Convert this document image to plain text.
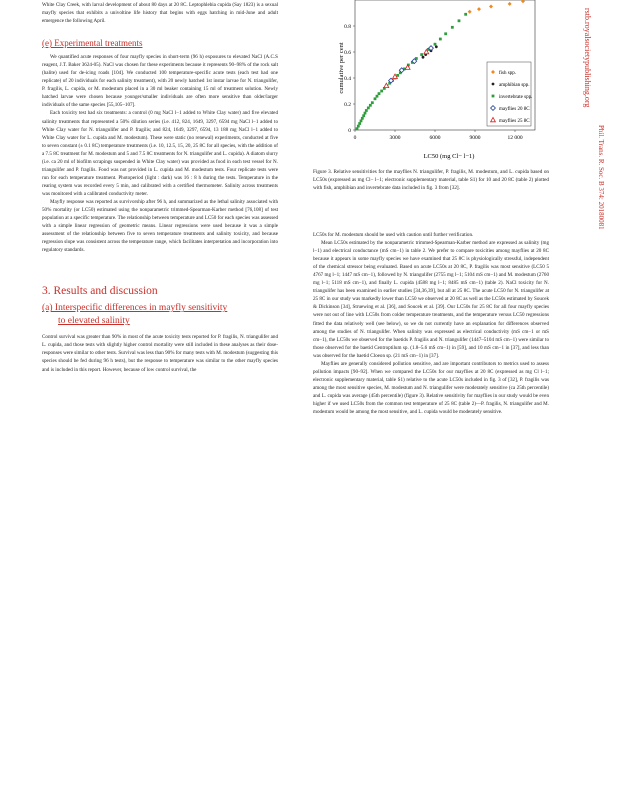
rstb.royalsocietypublishing.org
Phil. Trans. R. Soc. B 374: 20180081

White Clay Creek, with larval development of about 80 days at 20 8C. Leptophlebia cupida (Say 1823) is a sexual mayfly species that exhibits a univoltine life history that begins with eggs hatching in mid-June and adult emergence the following April.

(e) Experimental treatments

We quantified acute responses of four mayfly species in short-term (96 h) exposures to elevated NaCl (A.C.S reagent, J.T. Baker 3624-05). NaCl was chosen for these experiments because it represents 90–98% of the rock salt (halite) used for de-icing roads [104]. We conducted 100 temperature-specific acute tests (each test had one replicate) of 20 individuals for each salinity treatment), with 20 newly hatched 1st instar larvae for N. triangulifer, P. fragilis, L. cupida, or M. modestum placed in a 30 ml beaker containing 15 ml of treatment solution. Newly hatched larvae were chosen because younger/smaller individuals are often more sensitive than older/larger individuals of the same species [55,105–107].

Each toxicity test had six treatments: a control (0 mg NaCl l−1 added to White Clay water) and five elevated salinity treatments that represented a 50% dilution series (i.e. 412, 824, 1649, 3297, 6594 mg NaCl l−1 added to White Clay water for N. triangulifer and P. fragilis; and 824, 1649, 3297, 6594, 13 188 mg NaCl l−1 added to White Clay water for L. cupida and M. modestum). These were static (no renewal) experiments, conducted at five to seven constant (± 0.1 8C) temperature treatments (i.e. 10, 12.5, 15, 20, 25 8C for all species, with the addition of a 7.5 8C treatment for M. modestum and 5 and 7.5 8C treatments for N. triangulifer and L. cupida). A diatom slurry (i.e. ca 20 ml of biofilm scrapings suspended in White Clay water) was provided as food in each test vessel for N. triangulifer and P. fragilis. Food was not provided in L. cupida and M. modestum tests. Four replicate tests were run for each temperature treatment. Photoperiod (light : dark) was 16 : 8 h during the tests. Temperature in the rearing system was recorded every 5 min, and calibrated with a certified thermometer. Salinity across treatments was monitored with a calibrated conductivity meter.

Mayfly response was reported as survivorship after 96 h, and summarized as the lethal salinity associated with 50% mortality (or LC50) estimated using the nonparametric trimmed-Spearman-Karber method [76,108] of test population at a specific temperature. The relationship between temperature and LC50 for each species was assessed with a simple linear regression of geometric means. Linear regressions were used because it was a simple assessment of the relationship between five to seven temperature treatments and salinity toxicity, and because regression slope was consistent across the temperature range, which facilitates interpretation and incorporation into regulatory standards.

3. Results and discussion
(a) Interspecific differences in mayfly sensitivity
to elevated salinity

Control survival was greater than 90% in most of the acute toxicity tests reported for P. fragilis, N. triangulifer and L. cupida, and those tests with slightly higher control mortality were still included in these analyses as their dose-responses were similar to other tests. Survival was less than 90% for many tests with M. modestum (suggesting this species should be fed during 96 h tests), but the response to temperature was similar to the other mayfly species and is included in this report. However, because of low control survival, the

0
0.2
0.4
0.6
0.8
0	3000	6000	9000	12 000
cumulative per cent
LC50 (mg Cl− l−1)
fish spp.
amphibian spp.
invertebrate spp.
mayflies 20 8C
mayflies 25 8C
Figure 3. Relative sensitivities for the mayflies N. triangulifer, P. fragilis, M. modestum, and L. cupida based on LC50s (expressed as mg Cl− l−1; electronic supplementary material, table S1) for 10 and 20 8C (table 2) plotted with fish, amphibian and invertebrate data included in fig. 3 from [32].

LC50s for M. modestum should be used with caution until further verification.

Mean LC50s estimated by the nonparametric trimmed-Spearman-Karber method are expressed as salinity (mg l−1) and electrical conductance (mS cm−1) in table 2. We prefer to compare toxicities among mayflies at 20 8C because it appears in some mayfly species we have examined that 25 8C is physiologically stressful, independent of the chemical stressor being evaluated. Based on acute LC50s at 20 8C, P. fragilis was most sensitive (LC50 5 4767 mg l−1; 1447 mS cm−1), followed by N. triangulifer (2755 mg l−1; 5104 mS cm−1) and M. modestum (2760 mg l−1; 5118 mS cm−1), and finally L. cupida (4588 mg l−1; 8485 mS cm−1) (table 2). NaCl toxicity for N. triangulifer has been examined in earlier studies [34,36,39], but all at 25 8C. The acute LC50 for N. triangulifer at 25 8C in our study was markedly lower than LC50 we observed at 20 8C as well as the LC50s estimated by Soucek & Dickinson [34], Struewing et al. [36], and Soucek et al. [39]. Our LC50s for 25 8C for all four mayfly species were not out of line with LC50s from colder temperature treatments, and the temperature versus LC50 regressions fitted the data relatively well (see below), so we do not currently have an explanation for differences observed among the studies of N. triangulifer. When salinity was expressed as electrical conductivity (mS cm−1 or mS cm−1), the LC50s we observed for the baetids P. fragilis and N. triangulifer (1447–5104 mS cm−1) were similar to those observed for the baetid Centroptilum sp. (1.8–5.6 mS cm−1) in [59], and 10 mS cm−1 in [37], and less than was observed for the baetid Cloeon sp. (21 mS cm−1) in [37].

Mayflies are generally considered pollution sensitive, and are important contributors to metrics used to assess pollution impacts [90–92]. When we compared the LC50s for our mayflies at 20 8C (expressed as mg Cl l−1; electronic supplementary material, table S1) relative to the acute LC50s included in fig. 3 of [32], P. fragilis was among the most sensitive species, M. modestum and N. triangulifer were moderately sensitive (ca 25th percentile) and L. cupida was average (45th percentile) (figure 3). Relative sensitivity for mayflies in our study would be even higher if we used LC50s from the common test temperature of 25 8C (table 2)—P. fragilis, N. triangulifer and M. modestum would be among the most sensitive, and L. cupida would be moderately sensitive.
